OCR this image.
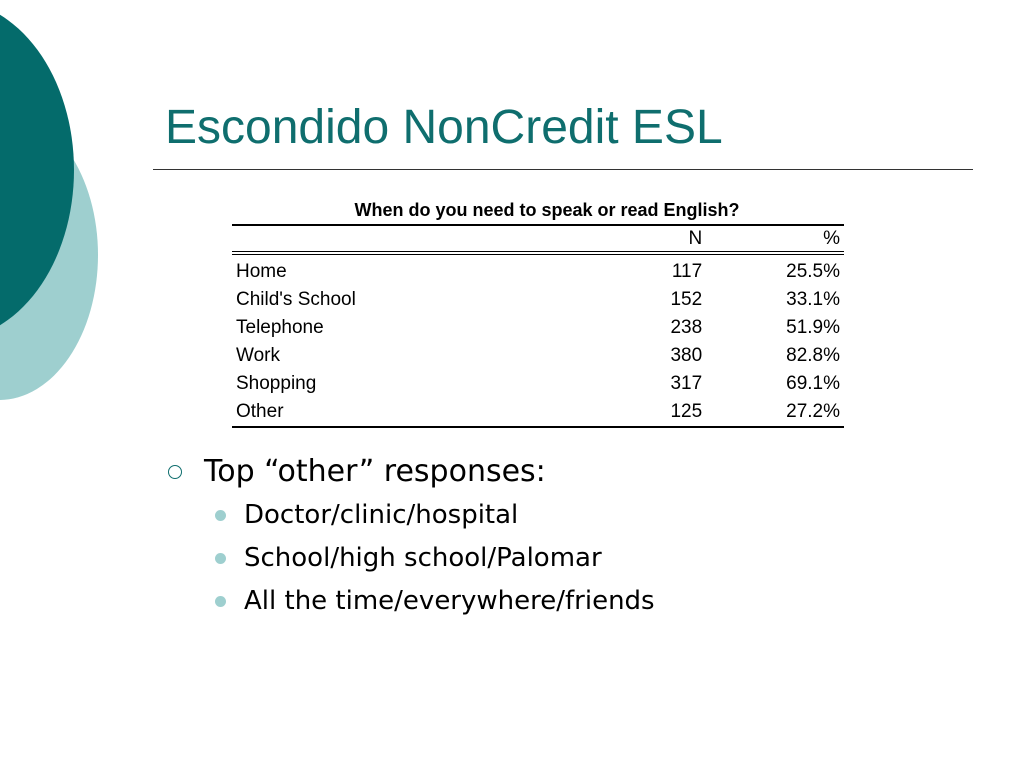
Escondido NonCredit ESL
When do you need to speak or read English?
	N	%
Home	117	25.5%
Child's School	152	33.1%
Telephone	238	51.9%
Work	380	82.8%
Shopping	317	69.1%
Other	125	27.2%
Top “other” responses:
Doctor/clinic/hospital
School/high school/Palomar
All the time/everywhere/friends
